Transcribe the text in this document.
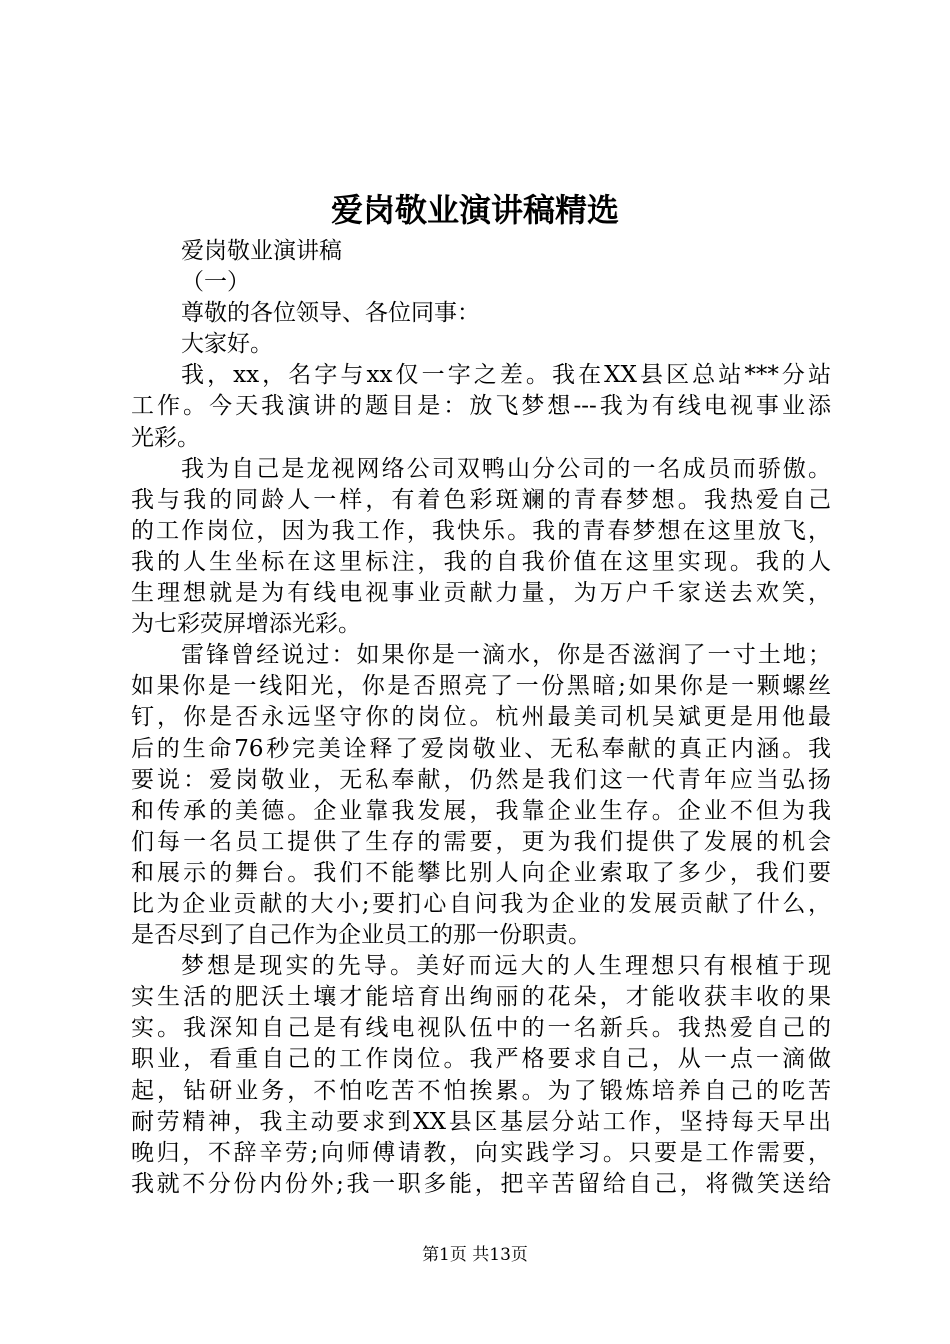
爱岗敬业演讲稿精选
爱岗敬业演讲稿
（一）
尊敬的各位领导、各位同事：
大家好。
我，xx，名字与xx仅一字之差。我在XX县区总站***分站
工作。今天我演讲的题目是：放飞梦想---我为有线电视事业添
光彩。
我为自己是龙视网络公司双鸭山分公司的一名成员而骄傲。
我与我的同龄人一样，有着色彩斑斓的青春梦想。我热爱自己
的工作岗位，因为我工作，我快乐。我的青春梦想在这里放飞，
我的人生坐标在这里标注，我的自我价值在这里实现。我的人
生理想就是为有线电视事业贡献力量，为万户千家送去欢笑，
为七彩荧屏增添光彩。
雷锋曾经说过：如果你是一滴水，你是否滋润了一寸土地；
如果你是一线阳光，你是否照亮了一份黑暗;如果你是一颗螺丝
钉，你是否永远坚守你的岗位。杭州最美司机吴斌更是用他最
后的生命76秒完美诠释了爱岗敬业、无私奉献的真正内涵。我
要说：爱岗敬业，无私奉献，仍然是我们这一代青年应当弘扬
和传承的美德。企业靠我发展，我靠企业生存。企业不但为我
们每一名员工提供了生存的需要，更为我们提供了发展的机会
和展示的舞台。我们不能攀比别人向企业索取了多少，我们要
比为企业贡献的大小;要扪心自问我为企业的发展贡献了什么，
是否尽到了自己作为企业员工的那一份职责。
梦想是现实的先导。美好而远大的人生理想只有根植于现
实生活的肥沃土壤才能培育出绚丽的花朵，才能收获丰收的果
实。我深知自己是有线电视队伍中的一名新兵。我热爱自己的
职业，看重自己的工作岗位。我严格要求自己，从一点一滴做
起，钻研业务，不怕吃苦不怕挨累。为了锻炼培养自己的吃苦
耐劳精神，我主动要求到XX县区基层分站工作，坚持每天早出
晚归，不辞辛劳;向师傅请教，向实践学习。只要是工作需要，
我就不分份内份外;我一职多能，把辛苦留给自己，将微笑送给
第1页 共13页
